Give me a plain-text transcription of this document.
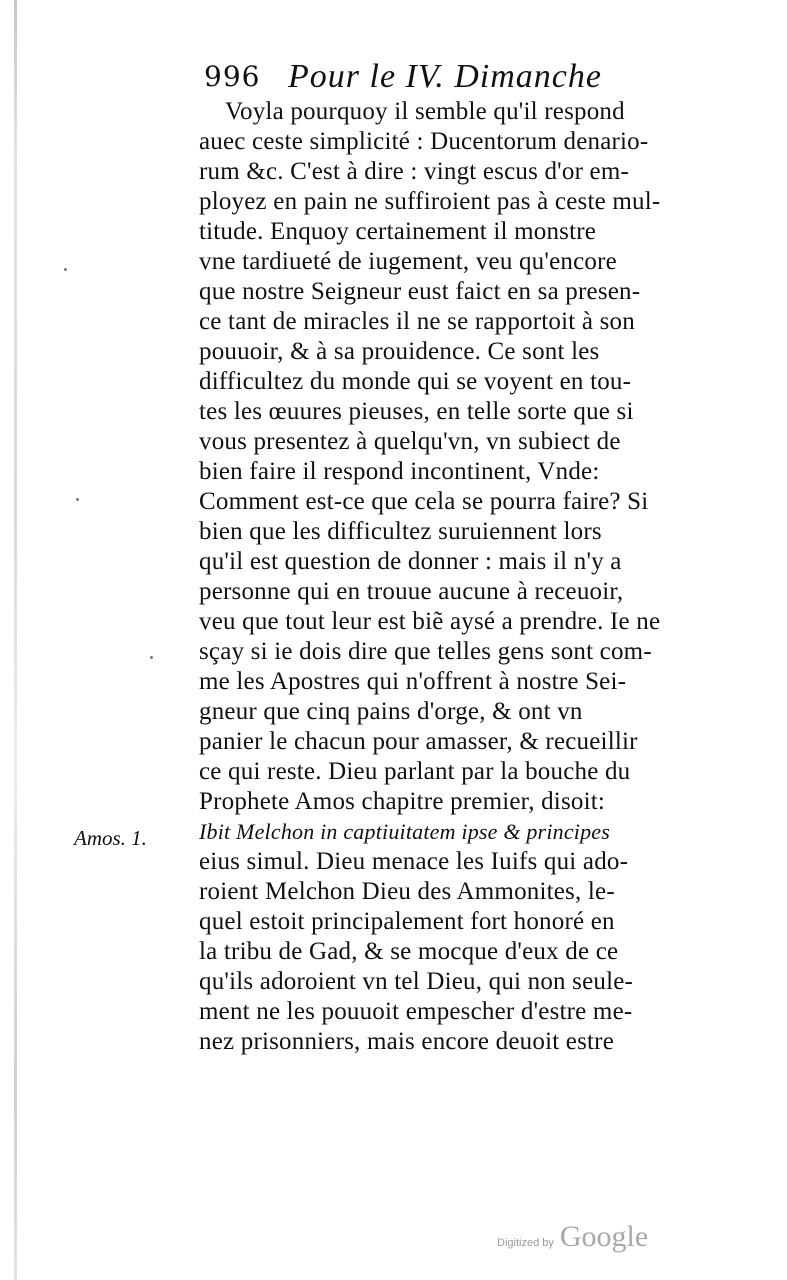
996 Pour le IV. Dimanche
Amos. 1.
Voyla pourquoy il semble qu'il respond
auec ceste simplicité : Ducentorum denario-
rum &c. C'est à dire : vingt escus d'or em-
ployez en pain ne suffiroient pas à ceste mul-
titude. Enquoy certainement il monstre
vne tardiueté de iugement, veu qu'encore
que nostre Seigneur eust faict en sa presen-
ce tant de miracles il ne se rapportoit à son
pouuoir, & à sa prouidence. Ce sont les
difficultez du monde qui se voyent en tou-
tes les œuures pieuses, en telle sorte que si
vous presentez à quelqu'vn, vn subiect de
bien faire il respond incontinent, Vnde:
Comment est-ce que cela se pourra faire? Si
bien que les difficultez suruiennent lors
qu'il est question de donner : mais il n'y a
personne qui en trouue aucune à receuoir,
veu que tout leur est biẽ aysé a prendre. Ie ne
sçay si ie dois dire que telles gens sont com-
me les Apostres qui n'offrent à nostre Sei-
gneur que cinq pains d'orge, & ont vn
panier le chacun pour amasser, & recueillir
ce qui reste. Dieu parlant par la bouche du
Prophete Amos chapitre premier, disoit:
Ibit Melchon in captiuitatem ipse & principes
eius simul. Dieu menace les Iuifs qui ado-
roient Melchon Dieu des Ammonites, le-
quel estoit principalement fort honoré en
la tribu de Gad, & se mocque d'eux de ce
qu'ils adoroient vn tel Dieu, qui non seule-
ment ne les pouuoit empescher d'estre me-
nez prisonniers, mais encore deuoit estre
Digitized by Google
